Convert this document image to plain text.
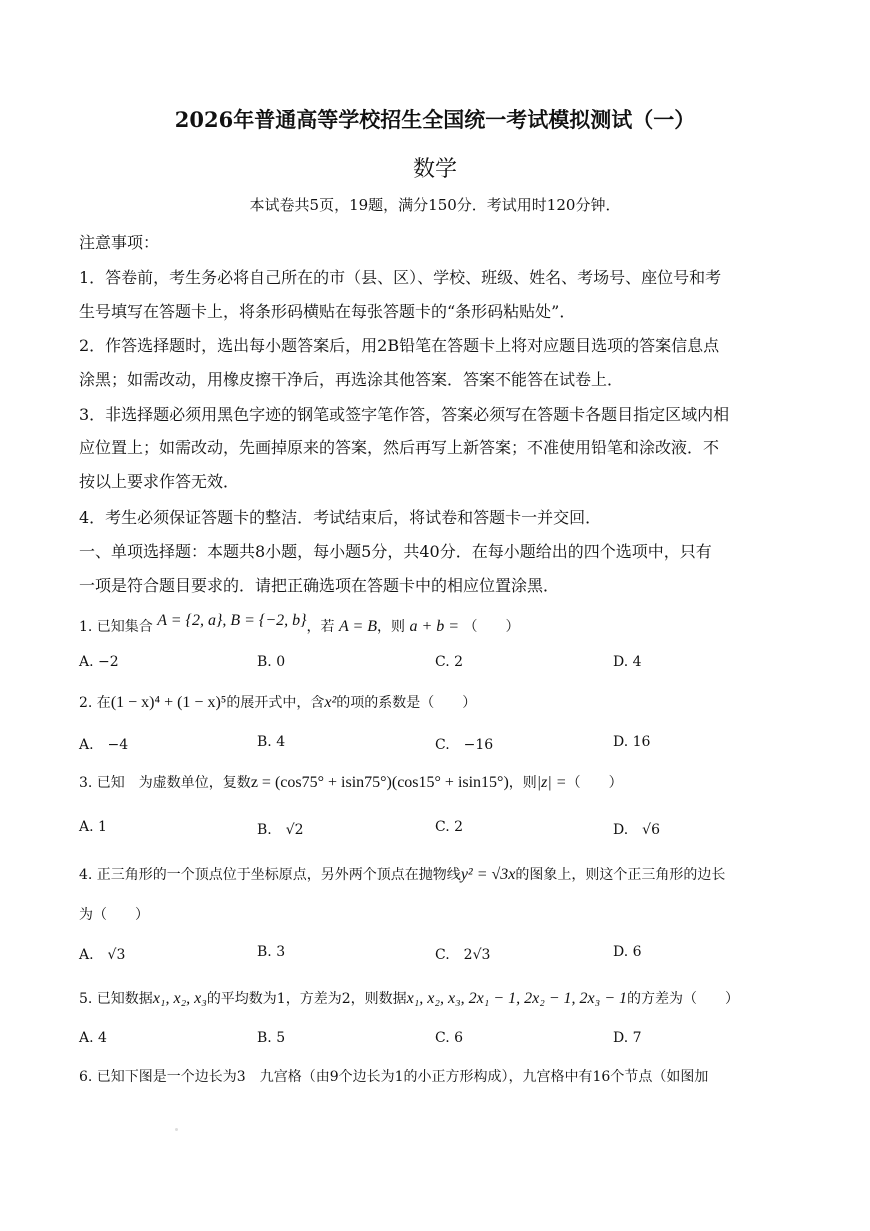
2026年普通高等学校招生全国统一考试模拟测试（一）
数学
本试卷共5页，19题，满分150分．考试用时120分钟．
注意事项：
1．答卷前，考生务必将自己所在的市（县、区）、学校、班级、姓名、考场号、座位号和考
生号填写在答题卡上，将条形码横贴在每张答题卡的“条形码粘贴处”．
2．作答选择题时，选出每小题答案后，用2B铅笔在答题卡上将对应题目选项的答案信息点
涂黑；如需改动，用橡皮擦干净后，再选涂其他答案．答案不能答在试卷上．
3．非选择题必须用黑色字迹的钢笔或签字笔作答，答案必须写在答题卡各题目指定区域内相
应位置上；如需改动，先画掉原来的答案，然后再写上新答案；不准使用铅笔和涂改液．不
按以上要求作答无效．
4．考生必须保证答题卡的整洁．考试结束后，将试卷和答题卡一并交回．
一、单项选择题：本题共8小题，每小题5分，共40分．在每小题给出的四个选项中，只有
一项是符合题目要求的．请把正确选项在答题卡中的相应位置涂黑．
1. 已知集合 A = {2, a}, B = {−2, b}，若 A = B，则 a + b = （　　）
A. −2	B. 0	C. 2	D. 4
2. 在(1 − x)⁴ + (1 − x)⁵的展开式中，含x²的项的系数是（　　）
A.　−4	B. 4	C.　−16	D. 16
3. 已知　为虚数单位，复数z = (cos75° + isin75°)(cos15° + isin15°)，则|z| =（　　）
A. 1	B.　√2	C. 2	D.　√6
4. 正三角形的一个顶点位于坐标原点，另外两个顶点在抛物线y² = √3x的图象上，则这个正三角形的边长
为（　　）
A.　√3	B. 3	C.　2√3	D. 6
5. 已知数据x₁, x₂, x₃的平均数为1，方差为2，则数据x₁, x₂, x₃, 2x₁ − 1, 2x₂ − 1, 2x₃ − 1的方差为（　　）
A. 4	B. 5	C. 6	D. 7
6. 已知下图是一个边长为3　九宫格（由9个边长为1的小正方形构成），九宫格中有16个节点（如图加
